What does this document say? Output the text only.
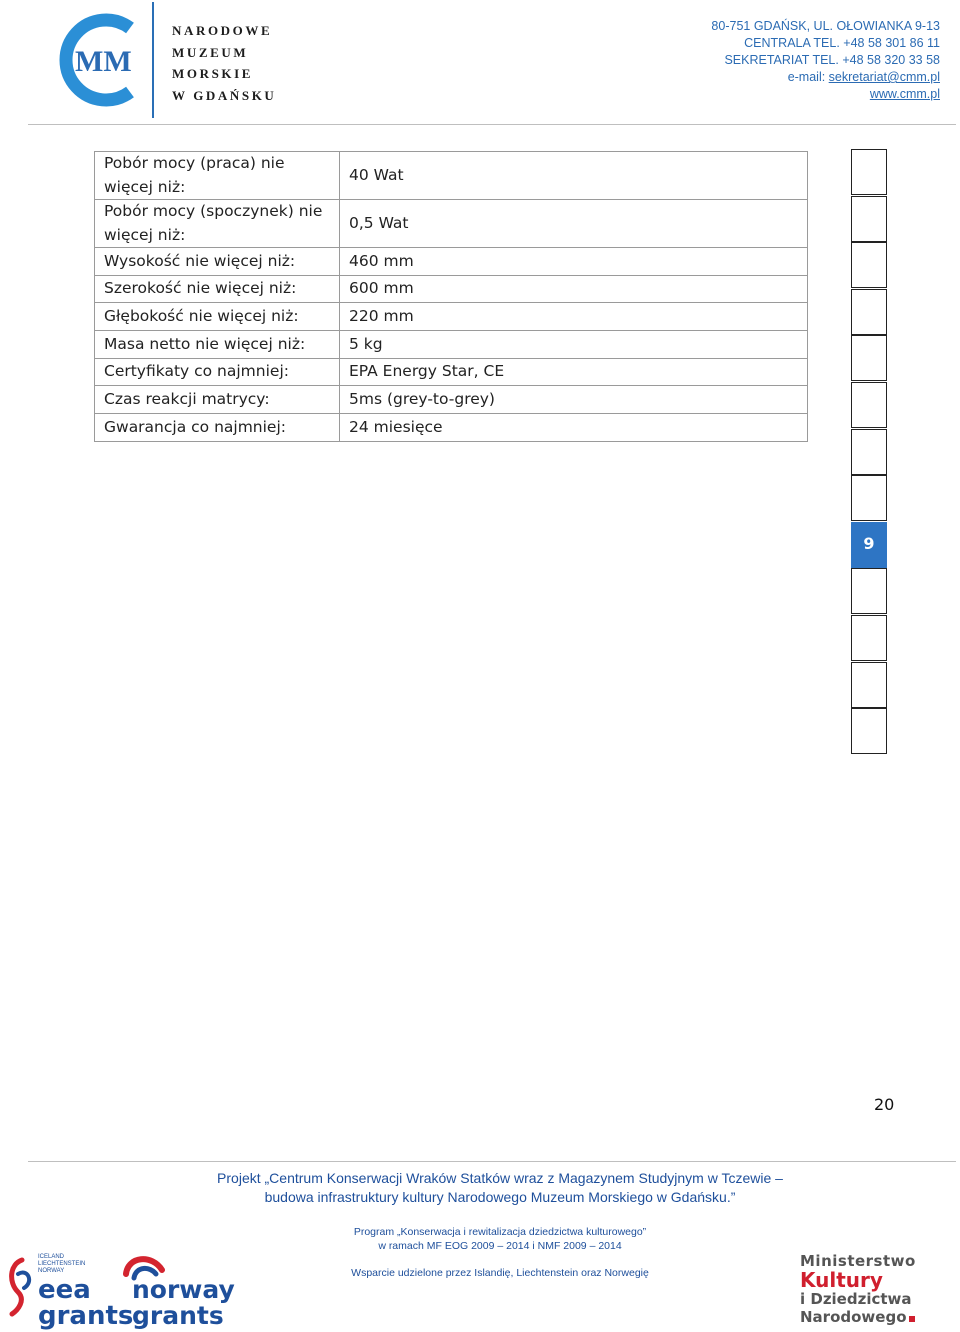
MM
NARODOWE
MUZEUM
MORSKIE
W GDAŃSKU
80-751 GDAŃSK, UL. OŁOWIANKA 9-13
CENTRALA TEL. +48 58 301 86 11
SEKRETARIAT TEL. +48 58 320 33 58
e-mail: sekretariat@cmm.pl
www.cmm.pl
Pobór mocy (praca) nie więcej niż:	40 Wat
Pobór mocy (spoczynek) nie więcej niż:	0,5 Wat
Wysokość nie więcej niż:	460 mm
Szerokość nie więcej niż:	600 mm
Głębokość nie więcej niż:	220 mm
Masa netto nie więcej niż:	5 kg
Certyfikaty co najmniej:	EPA Energy Star, CE
Czas reakcji matrycy:	5ms (grey-to-grey)
Gwarancja co najmniej:	24 miesięce
9
20
Projekt „Centrum Konserwacji Wraków Statków wraz z Magazynem Studyjnym w Tczewie –
budowa infrastruktury kultury Narodowego Muzeum Morskiego w Gdańsku.”
Program „Konserwacja i rewitalizacja dziedzictwa kulturowego”
w ramach MF EOG 2009 – 2014 i NMF 2009 – 2014
Wsparcie udzielone przez Islandię, Liechtenstein oraz Norwegię
ICELAND
LIECHTENSTEIN
NORWAY
eea
grants
norway
grants
Ministerstwo
Kultury
i Dziedzictwa
Narodowego
